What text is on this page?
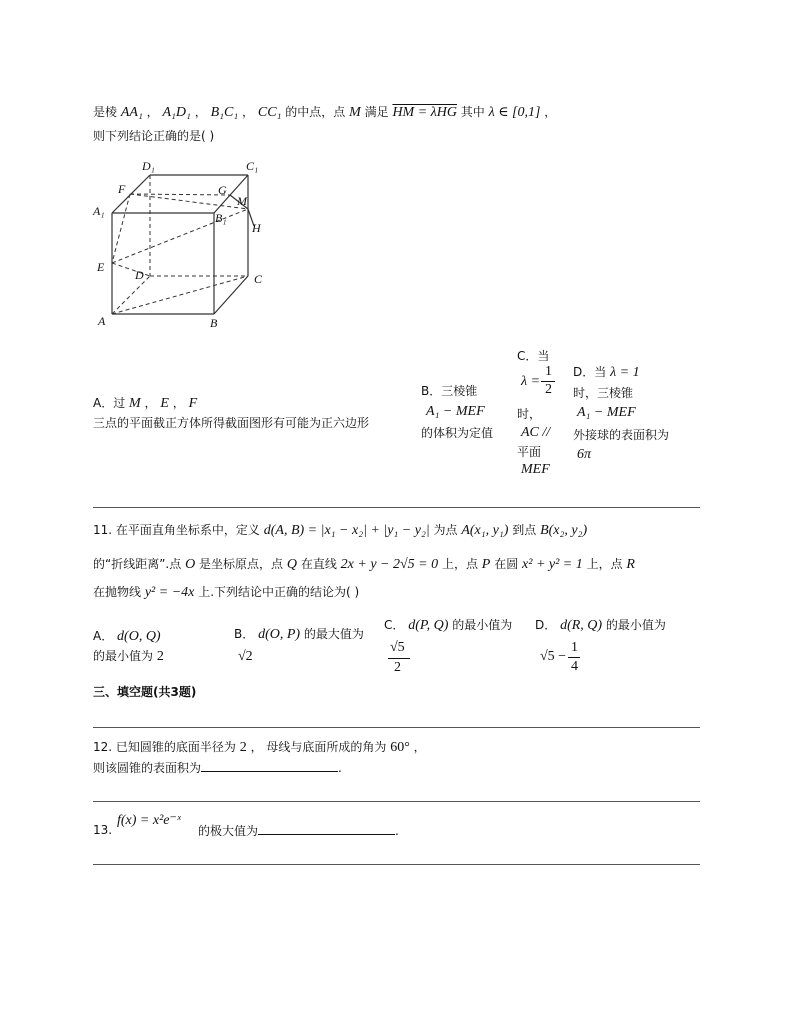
是棱 AA₁ ， A₁D₁ ， B₁C₁ ， CC₁ 的中点，点 M 满足 HM = λHG 其中 λ ∈ [0,1] ，
则下列结论正确的是( )
D₁	C₁
F	G
M
A₁	B₁
H
E
D	C
A	B
A．过 M ， E ， F
三点的平面截正方体所得截面图形有可能为正六边形
B．三棱锥
A₁ − MEF
的体积为定值
C．当
λ =
1
2
时，
AC //
平面
MEF
D．当 λ = 1
时，三棱锥
A₁ − MEF
外接球的表面积为
6π
11. 在平面直角坐标系中，定义 d(A, B) = |x₁ − x₂| + |y₁ − y₂| 为点 A(x₁, y₁) 到点 B(x₂, y₂)
的“折线距离”.点 O 是坐标原点，点 Q 在直线 2x + y − 2√5 = 0 上，点 P 在圆 x² + y² = 1 上，点 R
在抛物线 y² = −4x 上.下列结论中正确的结论为( )
A． d(O, Q)
的最小值为 2
B． d(O, P) 的最大值为
√2
C． d(P, Q) 的最小值为
√5
2
D． d(R, Q) 的最小值为
√5 −
1
4
三、填空题(共3题)
12. 已知圆锥的底面半径为 2 ， 母线与底面所成的角为 60° ，
则该圆锥的表面积为	.
13.
f(x) = x²e⁻ˣ
的极大值为	.
